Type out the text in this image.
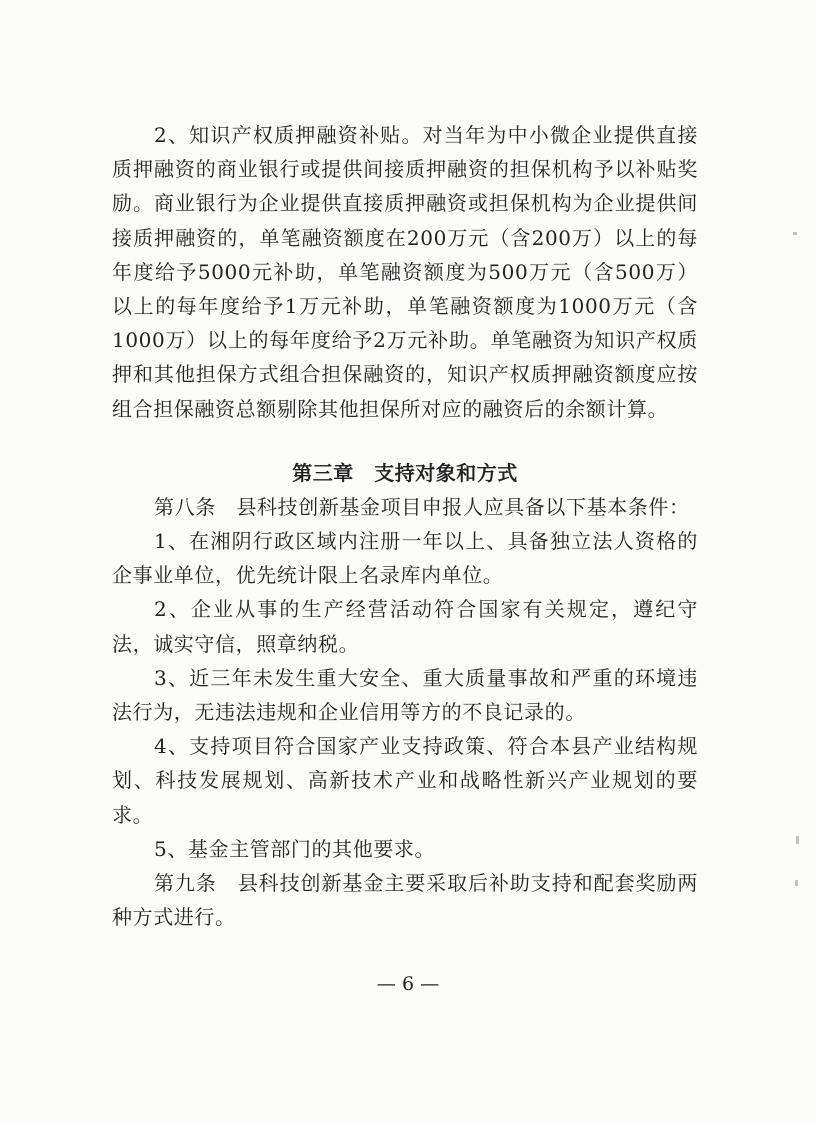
2、知识产权质押融资补贴。对当年为中小微企业提供直接质押融资的商业银行或提供间接质押融资的担保机构予以补贴奖励。商业银行为企业提供直接质押融资或担保机构为企业提供间接质押融资的，单笔融资额度在200万元（含200万）以上的每年度给予5000元补助，单笔融资额度为500万元（含500万）以上的每年度给予1万元补助，单笔融资额度为1000万元（含1000万）以上的每年度给予2万元补助。单笔融资为知识产权质押和其他担保方式组合担保融资的，知识产权质押融资额度应按组合担保融资总额剔除其他担保所对应的融资后的余额计算。

第三章　支持对象和方式

第八条　县科技创新基金项目申报人应具备以下基本条件：

1、在湘阴行政区域内注册一年以上、具备独立法人资格的企事业单位，优先统计限上名录库内单位。

2、企业从事的生产经营活动符合国家有关规定，遵纪守法，诚实守信，照章纳税。

3、近三年未发生重大安全、重大质量事故和严重的环境违法行为，无违法违规和企业信用等方的不良记录的。

4、支持项目符合国家产业支持政策、符合本县产业结构规划、科技发展规划、高新技术产业和战略性新兴产业规划的要求。

5、基金主管部门的其他要求。

第九条　县科技创新基金主要采取后补助支持和配套奖励两种方式进行。

— 6 —
